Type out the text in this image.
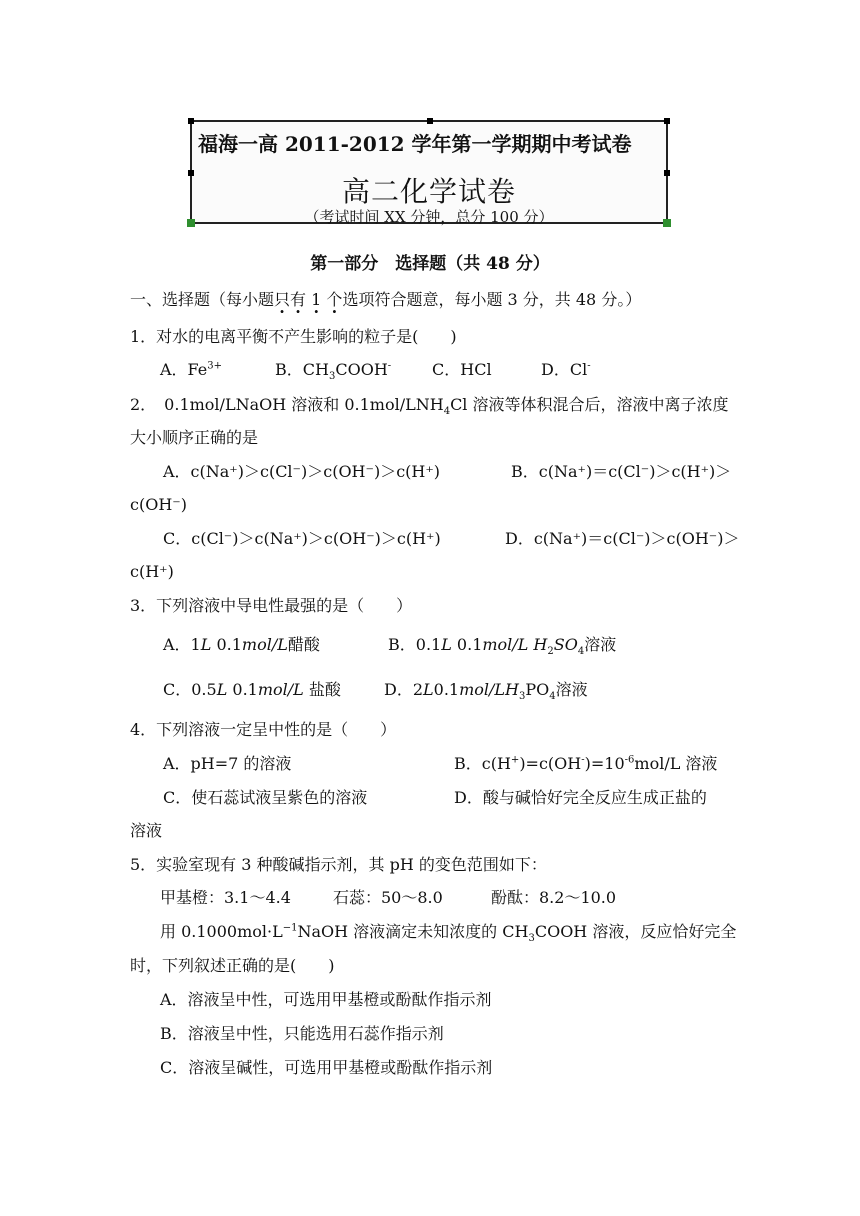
福海一高 2011-2012 学年第一学期期中考试卷
高二化学试卷
（考试时间 XX 分钟，总分 100 分）
第一部分　选择题（共 48 分）
一、选择题（每小题只有 1 · 个选项符合题意，每小题 3 分，共 48 分。）
1．对水的电离平衡不产生影响的粒子是(　　)
A．$Fe^{3+}$	B．$CH_3COOH^-$	C．HCl	D．Cl-
2．　0.1mol/LNaOH 溶液和 $0.1mol/LNH_4Cl$ 溶液等体积混合后，溶液中离子浓度
大小顺序正确的是
A．c(Na⁺)＞c(Cl⁻)＞c(OH⁻)＞c(H⁺)	B．c(Na⁺)＝c(Cl⁻)＞c(H⁺)＞
c(OH⁻)
C．c(Cl⁻)＞c(Na⁺)＞c(OH⁻)＞c(H⁺)	D．c(Na⁺)＝c(Cl⁻)＞c(OH⁻)＞
c(H⁺)
3．下列溶液中导电性最强的是（　　）
A．1L 0.1mol/L醋酸	B．0.1L 0.1mol/L $H_2SO_4$溶液
C．0.5L 0.1mol/L 盐酸	D．$2L0.1mol/LH_3PO_4$溶液
4．下列溶液一定呈中性的是（　　）
A．pH=7 的溶液	B．$c(H^+)=c(OH^-)=10^{-6}mol/L$ 溶液
C．使石蕊试液呈紫色的溶液	D．酸与碱恰好完全反应生成正盐的
溶液
5．实验室现有 3 种酸碱指示剂，其 pH 的变色范围如下：
甲基橙：3.1～4.4	石蕊：50～8.0	酚酞：8.2～10.0
用 $0.1000mol\cdot L^{-1}NaOH$ 溶液滴定未知浓度的 $CH_3COOH$ 溶液，反应恰好完全
时，下列叙述正确的是(　　)
A．溶液呈中性，可选用甲基橙或酚酞作指示剂
B．溶液呈中性，只能选用石蕊作指示剂
C．溶液呈碱性，可选用甲基橙或酚酞作指示剂
